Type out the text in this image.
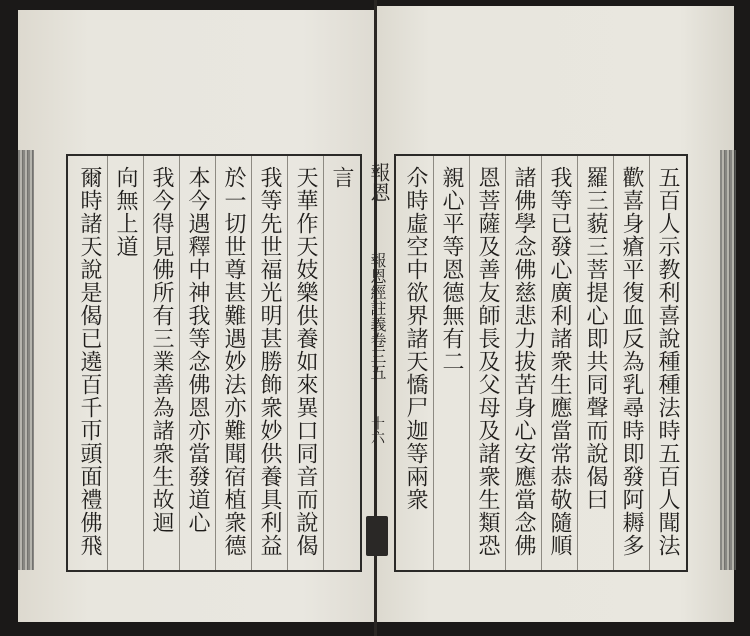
五百人示教利喜說種種法時五百人聞法
歡喜身瘡平復血反為乳尋時即發阿耨多
羅三藐三菩提心即共同聲而說偈曰
我等已發心廣利諸衆生應當常恭敬隨順
諸佛學念佛慈悲力拔苦身心安應當念佛
恩菩薩及善友師長及父母及諸衆生類恐
親心平等恩德無有二
尒時虛空中欲界諸天憍尸迦等兩衆
報恩
報恩經註義卷三五
十六
言
天華作天妓樂供養如來異口同音而說偈
我等先世福光明甚勝飾衆妙供養具利益
於一切世尊甚難遇妙法亦難聞宿植衆德
本今遇釋中神我等念佛恩亦當發道心
我今得見佛所有三業善為諸衆生故迴
向無上道
爾時諸天說是偈已遶百千帀頭面禮佛飛
